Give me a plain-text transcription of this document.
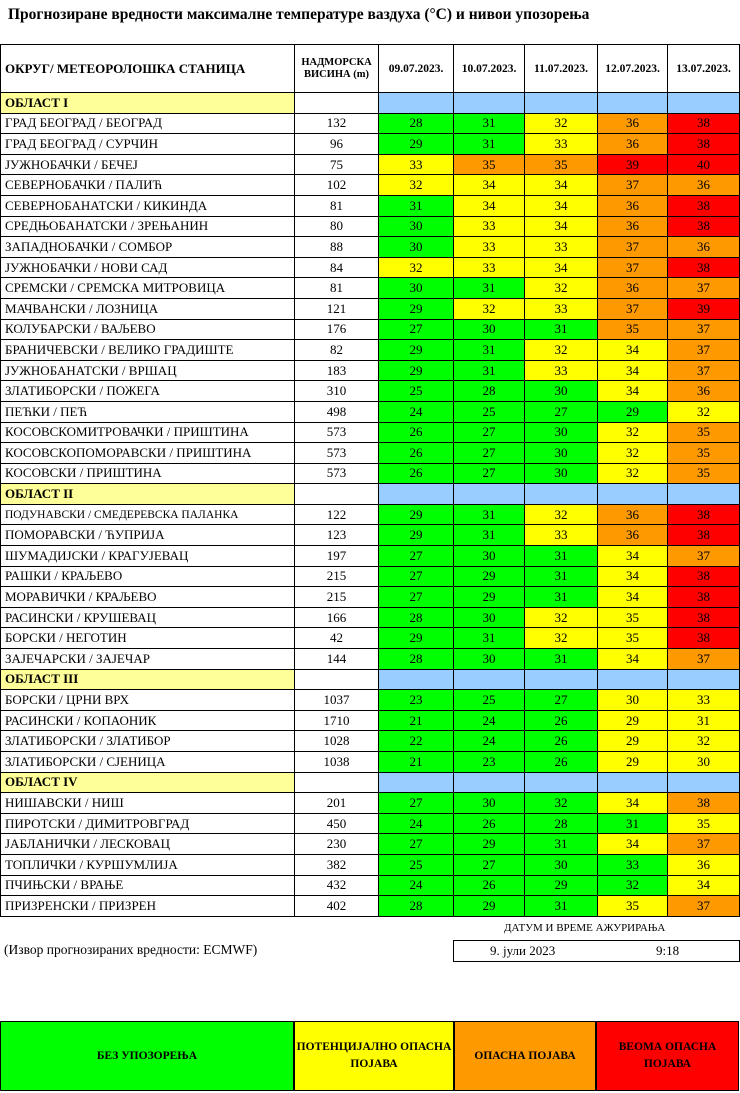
Прогнозиране вредности максималне температуре ваздуха (°C) и нивои упозорења
ОКРУГ/ МЕТЕОРОЛОШКА СТАНИЦА	НАДМОРСКА ВИСИНА (m)	09.07.2023.	10.07.2023.	11.07.2023.	12.07.2023.	13.07.2023.
ОБЛАСТ I						
ГРАД БЕОГРАД / БЕОГРАД	132	28	31	32	36	38
ГРАД БЕОГРАД / СУРЧИН	96	29	31	33	36	38
ЈУЖНОБАЧКИ / БЕЧЕЈ	75	33	35	35	39	40
СЕВЕРНОБАЧКИ / ПАЛИЋ	102	32	34	34	37	36
СЕВЕРНОБАНАТСКИ / КИКИНДА	81	31	34	34	36	38
СРЕДЊОБАНАТСКИ / ЗРЕЊАНИН	80	30	33	34	36	38
ЗАПАДНОБАЧКИ / СОМБОР	88	30	33	33	37	36
ЈУЖНОБАЧКИ / НОВИ САД	84	32	33	34	37	38
СРЕМСКИ / СРЕМСКА МИТРОВИЦА	81	30	31	32	36	37
МАЧВАНСКИ / ЛОЗНИЦА	121	29	32	33	37	39
КОЛУБАРСКИ / ВАЉЕВО	176	27	30	31	35	37
БРАНИЧЕВСКИ / ВЕЛИКО ГРАДИШТЕ	82	29	31	32	34	37
ЈУЖНОБАНАТСКИ / ВРШАЦ	183	29	31	33	34	37
ЗЛАТИБОРСКИ / ПОЖЕГА	310	25	28	30	34	36
ПЕЋКИ / ПЕЋ	498	24	25	27	29	32
КОСОВСКОМИТРОВАЧКИ / ПРИШТИНА	573	26	27	30	32	35
КОСОВСКОПОМОРАВСКИ / ПРИШТИНА	573	26	27	30	32	35
КОСОВСКИ / ПРИШТИНА	573	26	27	30	32	35
ОБЛАСТ II						
ПОДУНАВСКИ / СМЕДЕРЕВСКА ПАЛАНКА	122	29	31	32	36	38
ПОМОРАВСКИ / ЋУПРИЈА	123	29	31	33	36	38
ШУМАДИЈСКИ / КРАГУЈЕВАЦ	197	27	30	31	34	37
РАШКИ / КРАЉЕВО	215	27	29	31	34	38
МОРАВИЧКИ / КРАЉЕВО	215	27	29	31	34	38
РАСИНСКИ / КРУШЕВАЦ	166	28	30	32	35	38
БОРСКИ / НЕГОТИН	42	29	31	32	35	38
ЗАЈЕЧАРСКИ / ЗАЈЕЧАР	144	28	30	31	34	37
ОБЛАСТ III						
БОРСКИ / ЦРНИ ВРХ	1037	23	25	27	30	33
РАСИНСКИ / КОПАОНИК	1710	21	24	26	29	31
ЗЛАТИБОРСКИ / ЗЛАТИБОР	1028	22	24	26	29	32
ЗЛАТИБОРСКИ / СЈЕНИЦА	1038	21	23	26	29	30
ОБЛАСТ IV						
НИШАВСКИ / НИШ	201	27	30	32	34	38
ПИРОТСКИ / ДИМИТРОВГРАД	450	24	26	28	31	35
ЈАБЛАНИЧКИ / ЛЕСКОВАЦ	230	27	29	31	34	37
ТОПЛИЧКИ / КУРШУМЛИЈА	382	25	27	30	33	36
ПЧИЊСКИ / ВРАЊЕ	432	24	26	29	32	34
ПРИЗРЕНСКИ / ПРИЗРЕН	402	28	29	31	35	37
ДАТУМ И ВРЕМЕ АЖУРИРАЊА
9. јули 2023	9:18
(Извор прогнозираних вредности: ECMWF)
БЕЗ УПОЗОРЕЊА
ПОТЕНЦИЈАЛНО ОПАСНА ПОЈАВА
ОПАСНА ПОЈАВА
ВЕОМА ОПАСНА ПОЈАВА
